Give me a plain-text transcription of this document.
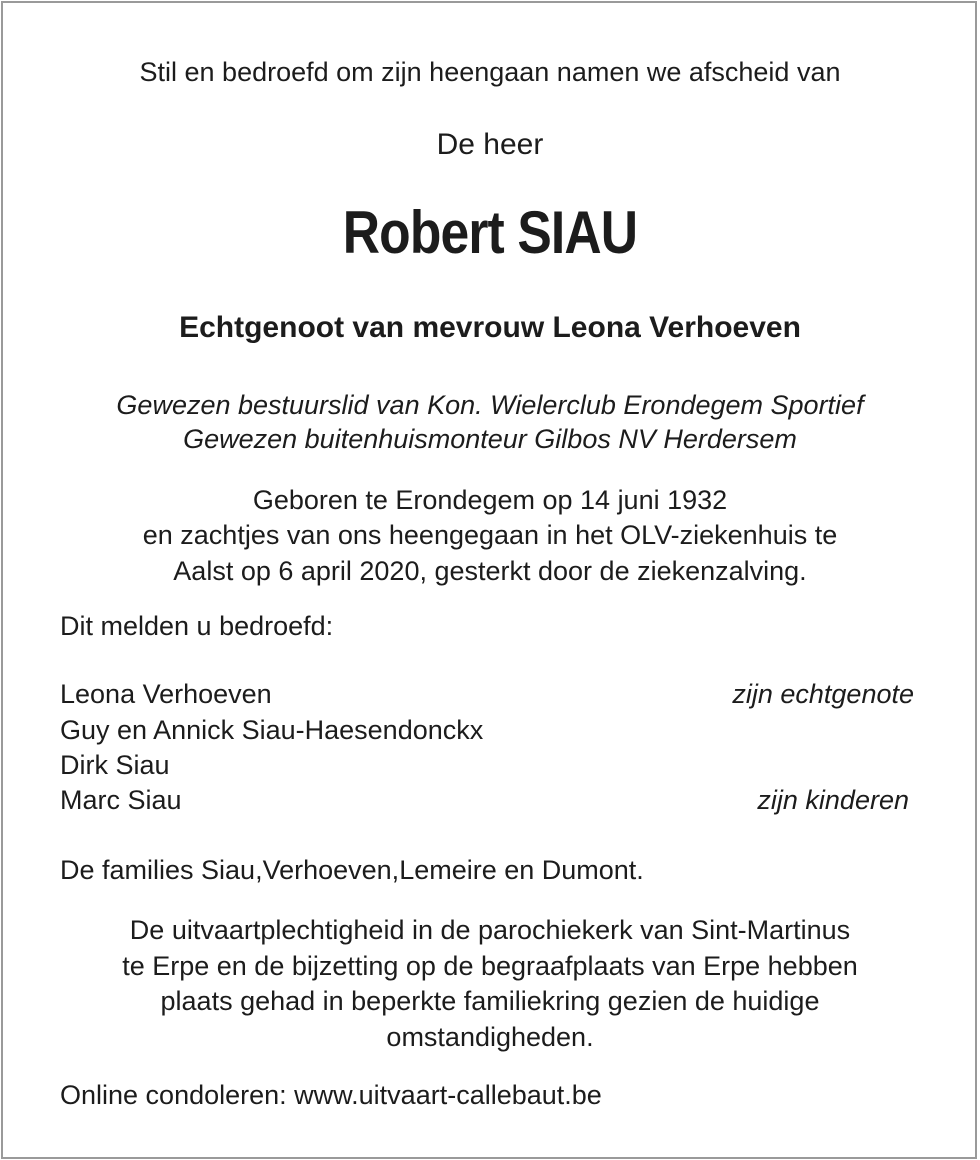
Stil en bedroefd om zijn heengaan namen we afscheid van
De heer
Robert SIAU
Echtgenoot van mevrouw Leona Verhoeven
Gewezen bestuurslid van Kon. Wielerclub Erondegem Sportief
Gewezen buitenhuismonteur Gilbos NV Herdersem
Geboren te Erondegem op 14 juni 1932
en zachtjes van ons heengegaan in het OLV-ziekenhuis te
Aalst op 6 april 2020, gesterkt door de ziekenzalving.
Dit melden u bedroefd:
Leona Verhoeven	zijn echtgenote
Guy en Annick Siau-Haesendonckx
Dirk Siau
Marc Siau	zijn kinderen
De families Siau,Verhoeven,Lemeire en Dumont.
De uitvaartplechtigheid in de parochiekerk van Sint-Martinus
te Erpe en de bijzetting op de begraafplaats van Erpe hebben
plaats gehad in beperkte familiekring gezien de huidige
omstandigheden.
Online condoleren: www.uitvaart-callebaut.be
